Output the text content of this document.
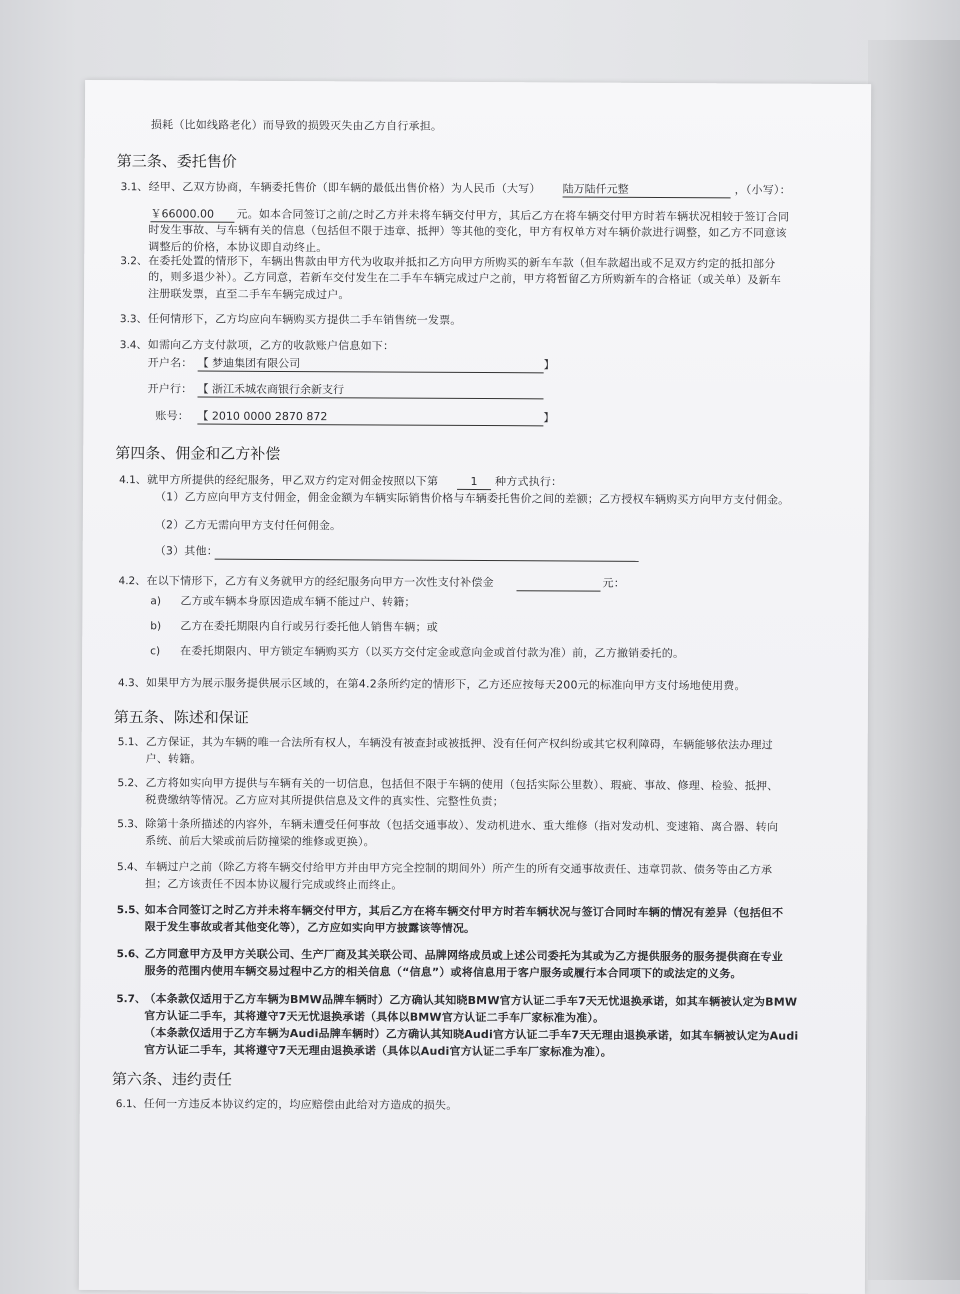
损耗（比如线路老化）而导致的损毁灭失由乙方自行承担。
第三条、委托售价
3.1、 经甲、乙双方协商，车辆委托售价（即车辆的最低出售价格）为人民币（大写） 陆万陆仟元整	，（小写）：
￥66000.00	元。如本合同签订之前/之时乙方并未将车辆交付甲方，其后乙方在将车辆交付甲方时若车辆状况相较于签订合同
时发生事故、与车辆有关的信息（包括但不限于违章、抵押）等其他的变化，甲方有权单方对车辆价款进行调整，如乙方不同意该
调整后的价格，本协议即自动终止。
3.2、 在委托处置的情形下，车辆出售款由甲方代为收取并抵扣乙方向甲方所购买的新车车款（但车款超出或不足双方约定的抵扣部分
的，则多退少补）。乙方同意，若新车交付发生在二手车车辆完成过户之前，甲方将暂留乙方所购新车的合格证（或关单）及新车
注册联发票，直至二手车车辆完成过户。
3.3、 任何情形下，乙方均应向车辆购买方提供二手车销售统一发票。
3.4、 如需向乙方支付款项，乙方的收款账户信息如下：
开户名： 【 梦迪集团有限公司	】
开户行： 【 浙江禾城农商银行余新支行
账号： 【 2010 0000 2870 872	】
第四条、佣金和乙方补偿
4.1、 就甲方所提供的经纪服务，甲乙双方约定对佣金按照以下第	1	种方式执行：
（1）乙方应向甲方支付佣金，佣金金额为车辆实际销售价格与车辆委托售价之间的差额；乙方授权车辆购买方向甲方支付佣金。
（2）乙方无需向甲方支付任何佣金。
（3）其他：
4.2、 在以下情形下，乙方有义务就甲方的经纪服务向甲方一次性支付补偿金	元：
a) 乙方或车辆本身原因造成车辆不能过户、转籍；
b) 乙方在委托期限内自行或另行委托他人销售车辆；或
c) 在委托期限内、甲方锁定车辆购买方（以买方交付定金或意向金或首付款为准）前，乙方撤销委托的。
4.3、 如果甲方为展示服务提供展示区域的，在第4.2条所约定的情形下，乙方还应按每天200元的标准向甲方支付场地使用费。
第五条、陈述和保证
5.1、 乙方保证，其为车辆的唯一合法所有权人，车辆没有被查封或被抵押、没有任何产权纠纷或其它权利障碍，车辆能够依法办理过
户、转籍。
5.2、 乙方将如实向甲方提供与车辆有关的一切信息，包括但不限于车辆的使用（包括实际公里数）、瑕疵、事故、修理、检验、抵押、
税费缴纳等情况。乙方应对其所提供信息及文件的真实性、完整性负责；
5.3、 除第十条所描述的内容外，车辆未遭受任何事故（包括交通事故）、发动机进水、重大维修（指对发动机、变速箱、离合器、转向
系统、前后大梁或前后防撞梁的维修或更换）。
5.4、 车辆过户之前（除乙方将车辆交付给甲方并由甲方完全控制的期间外）所产生的所有交通事故责任、违章罚款、债务等由乙方承
担；乙方该责任不因本协议履行完成或终止而终止。
5.5、
如本合同签订之时乙方并未将车辆交付甲方，其后乙方在将车辆交付甲方时若车辆状况与签订合同时车辆的情况有差异（包括但不
限于发生事故或者其他变化等），乙方应如实向甲方披露该等情况。
5.6、
乙方同意甲方及甲方关联公司、生产厂商及其关联公司、品牌网络成员或上述公司委托为其或为乙方提供服务的服务提供商在专业
服务的范围内使用车辆交易过程中乙方的相关信息（“信息”）或将信息用于客户服务或履行本合同项下的或法定的义务。
5.7、
（本条款仅适用于乙方车辆为BMW品牌车辆时）乙方确认其知晓BMW官方认证二手车7天无忧退换承诺，如其车辆被认定为BMW
官方认证二手车，其将遵守7天无忧退换承诺（具体以BMW官方认证二手车厂家标准为准）。
（本条款仅适用于乙方车辆为Audi品牌车辆时）乙方确认其知晓Audi官方认证二手车7天无理由退换承诺，如其车辆被认定为Audi
官方认证二手车，其将遵守7天无理由退换承诺（具体以Audi官方认证二手车厂家标准为准）。
第六条、违约责任
6.1、 任何一方违反本协议约定的，均应赔偿由此给对方造成的损失。
